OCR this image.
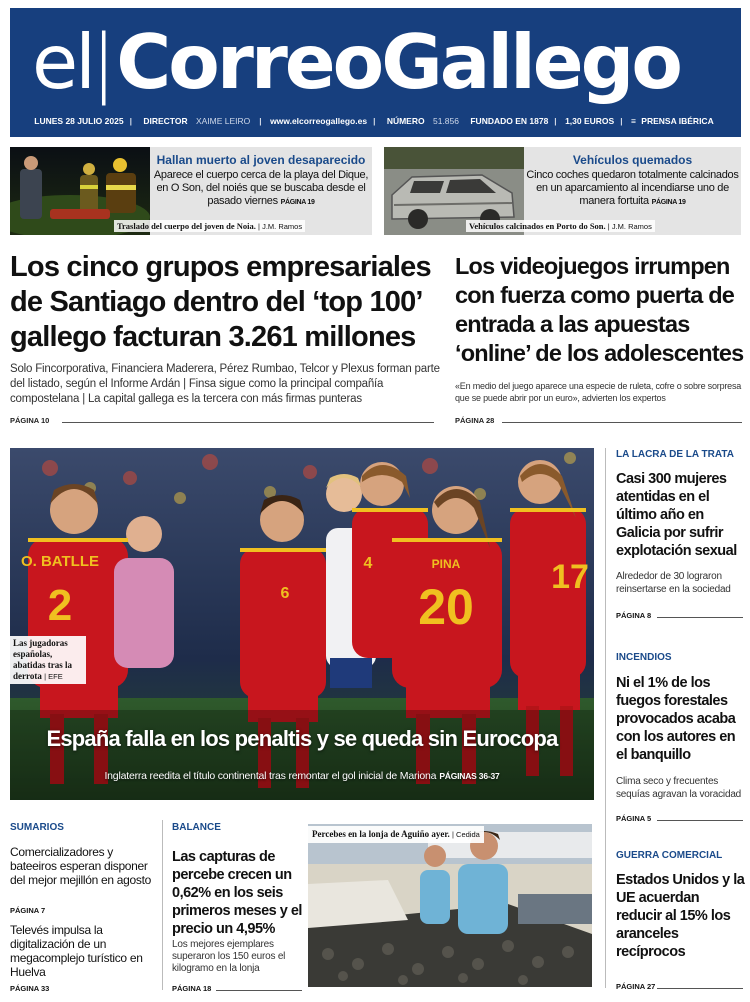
el|CorreoGallego
LUNES 28 JULIO 2025 | DIRECTOR XAIME LEIRO | www.elcorreogallego.es | NÚMERO 51.856 FUNDADO EN 1878 | 1,30 EUROS | ≡ PRENSA IBÉRICA
Hallan muerto al joven desaparecido
Aparece el cuerpo cerca de la playa del Dique, en O Son, del noiés que se buscaba desde el pasado viernes PÁGINA 19
Traslado del cuerpo del joven de Noia. | J.M. Ramos
Vehículos quemados
Cinco coches quedaron totalmente calcinados en un aparcamiento al incendiarse uno de manera fortuita PÁGINA 19
Vehículos calcinados en Porto do Son. | J.M. Ramos
Los cinco grupos empresariales de Santiago dentro del ‘top 100’ gallego facturan 3.261 millones
Solo Fincorporativa, Financiera Maderera, Pérez Rumbao, Telcor y Plexus forman parte del listado, según el Informe Ardán | Finsa sigue como la principal compañía compostelana | La capital gallega es la tercera con más firmas punteras
PÁGINA 10
Los videojuegos irrumpen con fuerza como puerta de entrada a las apuestas ‘online’ de los adolescentes
«En medio del juego aparece una especie de ruleta, cofre o sobre sorpresa que se puede abrir por un euro», advierten los expertos
PÁGINA 28
O. BATLLE
2	6
4	PINA
20
17
Las jugadoras españolas, abatidas tras la derrota | EFE
España falla en los penaltis y se queda sin Eurocopa
Inglaterra reedita el título continental tras remontar el gol inicial de Mariona PÁGINAS 36-37
LA LACRA DE LA TRATA
Casi 300 mujeres atentidas en el último año en Galicia por sufrir explotación sexual
Alrededor de 30 lograron reinsertarse en la sociedad
PÁGINA 8
INCENDIOS
Ni el 1% de los fuegos forestales provocados acaba con los autores en el banquillo
Clima seco y frecuentes sequías agravan la voracidad
PÁGINA 5
GUERRA COMERCIAL
Estados Unidos y la UE acuerdan reducir al 15% los aranceles recíprocos
PÁGINA 27
SUMARIOS
Comercializadores y bateeiros esperan disponer del mejor mejillón en agosto
PÁGINA 7
Televés impulsa la digitalización de un megacomplejo turístico en Huelva
PÁGINA 33
BALANCE
Las capturas de percebe crecen un 0,62% en los seis primeros meses y el precio un 4,95%
Los mejores ejemplares superaron los 150 euros el kilogramo en la lonja
PÁGINA 18
Percebes en la lonja de Aguiño ayer. | Cedida
